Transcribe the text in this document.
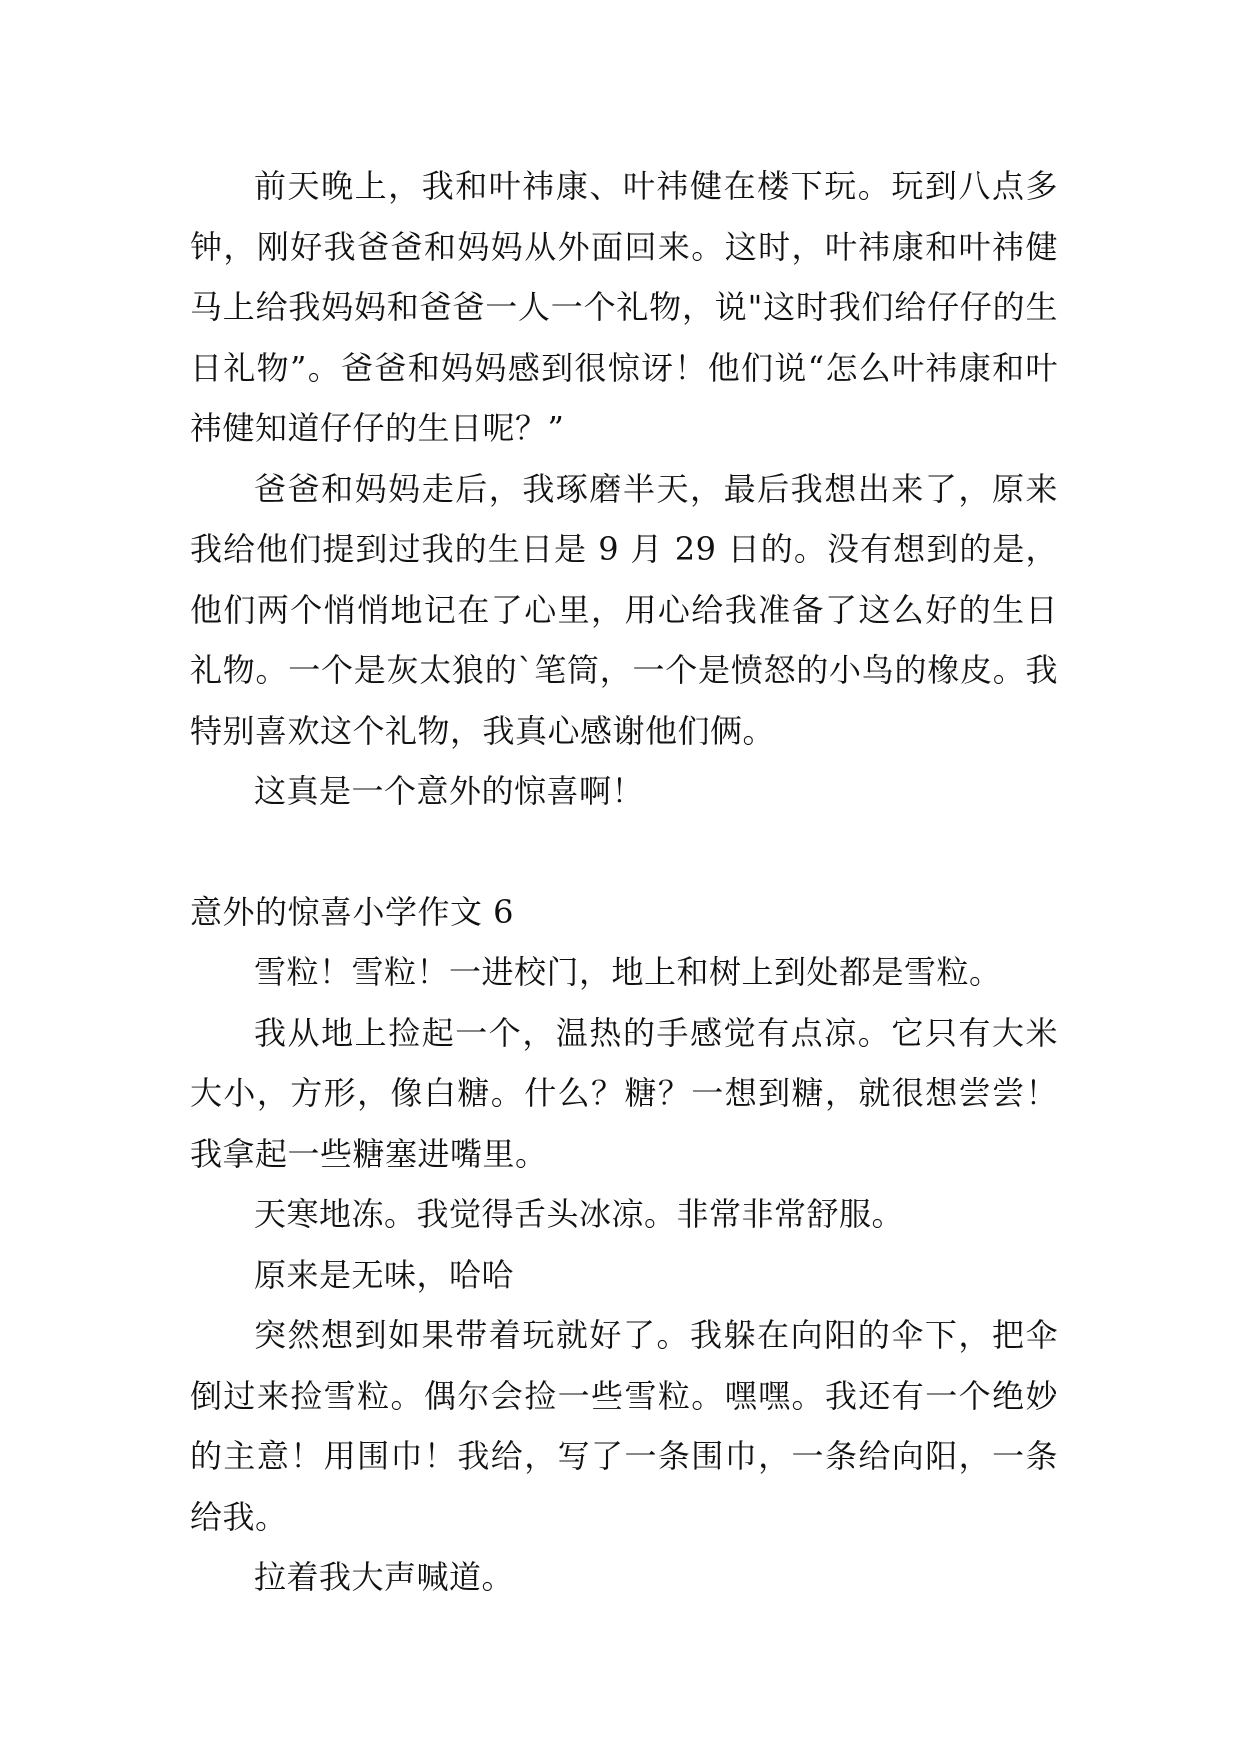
前天晚上，我和叶祎康、叶祎健在楼下玩。玩到八点多钟，刚好我爸爸和妈妈从外面回来。这时，叶祎康和叶祎健马上给我妈妈和爸爸一人一个礼物，说"这时我们给仔仔的生日礼物”。爸爸和妈妈感到很惊讶！他们说“怎么叶祎康和叶祎健知道仔仔的生日呢？”

爸爸和妈妈走后，我琢磨半天，最后我想出来了，原来我给他们提到过我的生日是 9 月 29 日的。没有想到的是，他们两个悄悄地记在了心里，用心给我准备了这么好的生日礼物。一个是灰太狼的`笔筒，一个是愤怒的小鸟的橡皮。我特别喜欢这个礼物，我真心感谢他们俩。

这真是一个意外的惊喜啊！

意外的惊喜小学作文 6

雪粒！雪粒！一进校门，地上和树上到处都是雪粒。

我从地上捡起一个，温热的手感觉有点凉。它只有大米大小，方形，像白糖。什么？糖？一想到糖，就很想尝尝！我拿起一些糖塞进嘴里。

天寒地冻。我觉得舌头冰凉。非常非常舒服。

原来是无味，哈哈

突然想到如果带着玩就好了。我躲在向阳的伞下，把伞倒过来捡雪粒。偶尔会捡一些雪粒。嘿嘿。我还有一个绝妙的主意！用围巾！我给，写了一条围巾，一条给向阳，一条给我。

拉着我大声喊道。
